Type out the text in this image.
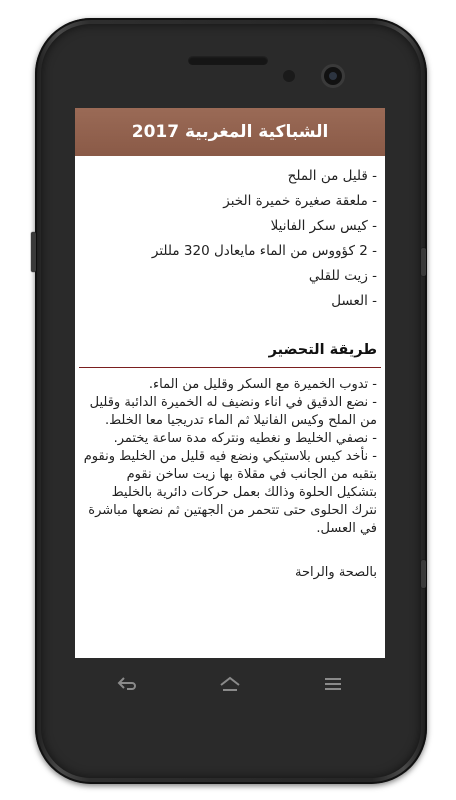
الشباكية المغربية 2017

- قليل من الملح

- ملعقة صغيرة خميرة الخبز

- كيس سكر الفانيلا

- 2 كؤووس من الماء مايعادل 320 مللتر

- زيت للقلي

- العسل

طريقة التحضير

- تدوب الخميرة مع السكر وقليل من الماء.

- نضع الدقيق في اناء ونضيف له الخميرة الدائبة وقليل من الملح وكيس الفانيلا ثم الماء تدريجيا معا الخلط.

- نصفي الخليط و نغطيه ونتركه مدة ساعة يختمر.

- نأخد كيس بلاستيكي ونضع فيه قليل من الخليط ونقوم بتقبه من الجانب في مقلاة بها زيت ساخن نقوم بتشكيل الحلوة وذالك بعمل حركات دائرية بالخليط نترك الحلوى حتى تتحمر من الجهتين ثم نضعها مباشرة في العسل.

بالصحة والراحة
